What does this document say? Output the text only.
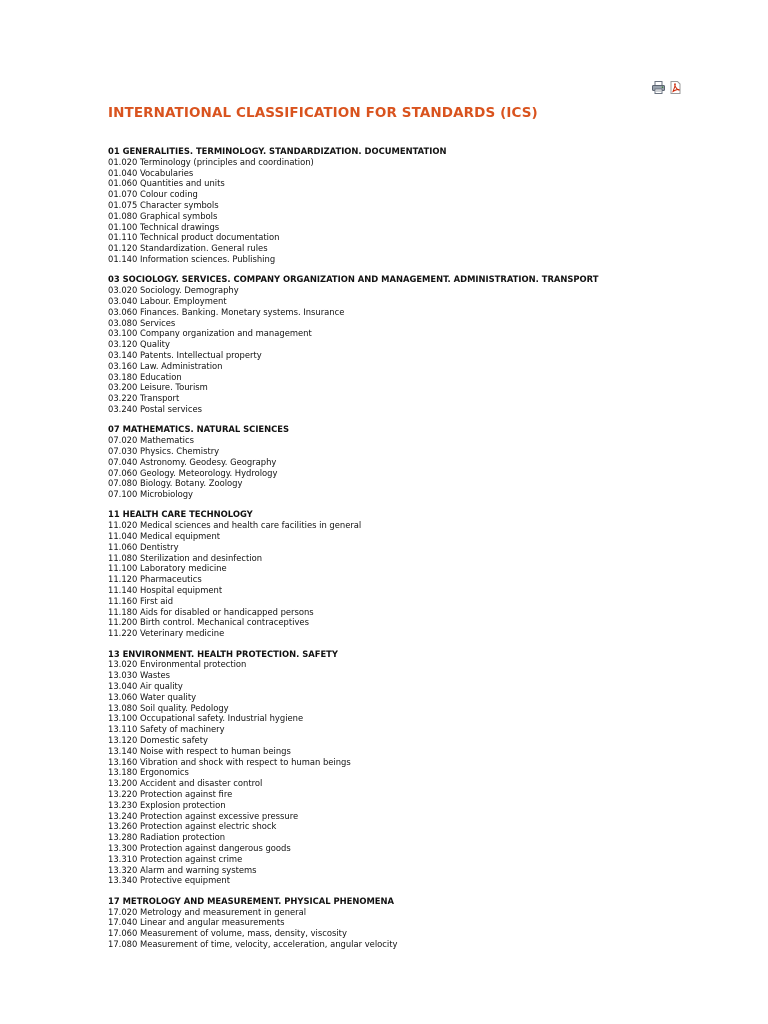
INTERNATIONAL CLASSIFICATION FOR STANDARDS (ICS)
01 GENERALITIES. TERMINOLOGY. STANDARDIZATION. DOCUMENTATION
01.020 Terminology (principles and coordination)
01.040 Vocabularies
01.060 Quantities and units
01.070 Colour coding
01.075 Character symbols
01.080 Graphical symbols
01.100 Technical drawings
01.110 Technical product documentation
01.120 Standardization. General rules
01.140 Information sciences. Publishing
03 SOCIOLOGY. SERVICES. COMPANY ORGANIZATION AND MANAGEMENT. ADMINISTRATION. TRANSPORT
03.020 Sociology. Demography
03.040 Labour. Employment
03.060 Finances. Banking. Monetary systems. Insurance
03.080 Services
03.100 Company organization and management
03.120 Quality
03.140 Patents. Intellectual property
03.160 Law. Administration
03.180 Education
03.200 Leisure. Tourism
03.220 Transport
03.240 Postal services
07 MATHEMATICS. NATURAL SCIENCES
07.020 Mathematics
07.030 Physics. Chemistry
07.040 Astronomy. Geodesy. Geography
07.060 Geology. Meteorology. Hydrology
07.080 Biology. Botany. Zoology
07.100 Microbiology
11 HEALTH CARE TECHNOLOGY
11.020 Medical sciences and health care facilities in general
11.040 Medical equipment
11.060 Dentistry
11.080 Sterilization and desinfection
11.100 Laboratory medicine
11.120 Pharmaceutics
11.140 Hospital equipment
11.160 First aid
11.180 Aids for disabled or handicapped persons
11.200 Birth control. Mechanical contraceptives
11.220 Veterinary medicine
13 ENVIRONMENT. HEALTH PROTECTION. SAFETY
13.020 Environmental protection
13.030 Wastes
13.040 Air quality
13.060 Water quality
13.080 Soil quality. Pedology
13.100 Occupational safety. Industrial hygiene
13.110 Safety of machinery
13.120 Domestic safety
13.140 Noise with respect to human beings
13.160 Vibration and shock with respect to human beings
13.180 Ergonomics
13.200 Accident and disaster control
13.220 Protection against fire
13.230 Explosion protection
13.240 Protection against excessive pressure
13.260 Protection against electric shock
13.280 Radiation protection
13.300 Protection against dangerous goods
13.310 Protection against crime
13.320 Alarm and warning systems
13.340 Protective equipment
17 METROLOGY AND MEASUREMENT. PHYSICAL PHENOMENA
17.020 Metrology and measurement in general
17.040 Linear and angular measurements
17.060 Measurement of volume, mass, density, viscosity
17.080 Measurement of time, velocity, acceleration, angular velocity
